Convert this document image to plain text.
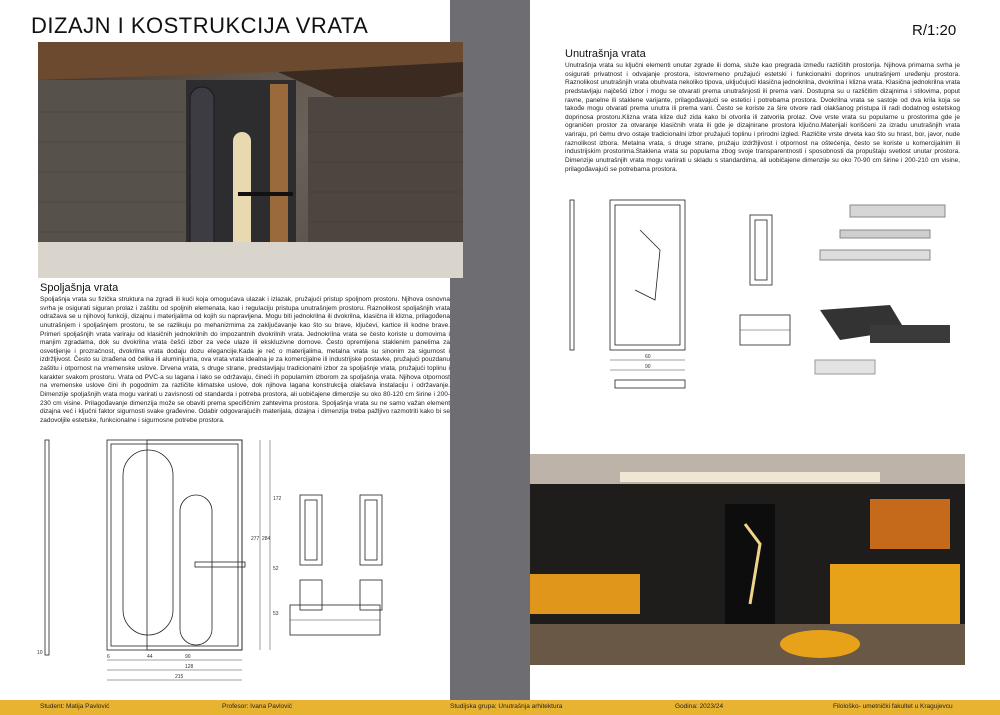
DIZAJN I KOSTRUKCIJA VRATA	R/1:20
Spoljašnja vrata
Spoljašnja vrata su fizička struktura na zgradi ili kući koja omogućava ulazak i izlazak, pružajući pristup spoljnom prostoru. Njihova osnovna svrha je osigurati siguran prolaz i zaštitu od spoljnih elemenata, kao i regulaciju pristupa unutrašnjem prostoru. Raznolikost spoljašnjih vrata odražava se u njihovoj funkciji, dizajnu i materijalima od kojih su napravljena. Mogu biti jednokrilna ili dvokrilna, klasična ili klizna, prilagođena unutrašnjem i spoljašnjem prostoru, te se razlikuju po mehanizmima za zaključavanje kao što su brave, ključevi, kartice ili kodne brave. Primeri spoljašnjih vrata variraju od klasičnih jednokrilnih do impozantnih dvokrilnih vrata. Jednokrilna vrata se često koriste u domovima i manjim zgradama, dok su dvokrilna vrata češći izbor za veće ulaze ili ekskluzivne domove. Često opremljena staklenim panelima za osvetljenje i prozračnost, dvokrilna vrata dodaju dozu elegancije.Kada je reč o materijalima, metalna vrata su sinonim za sigurnost i izdržljivost. Često su izrađena od čelika ili aluminijuma, ova vrata vrata idealna je za komercijalne ili industrijske postavke, pružajući pouzdanu zaštitu i otpornost na vremenske uslove. Drvena vrata, s druge strane, predstavljaju tradicionalni izbor za spoljašnje vrata, pružajući toplinu i karakter svakom prostoru. Vrata od PVC-a su lagana i lako se održavaju, čineći ih popularnim izborom za spoljašnja vrata. Njihova otpornost na vremenske uslove čini ih pogodnim za različite klimatske uslove, dok njihova lagana konstrukcija olakšava instalaciju i održavanje. Dimenzije spoljašnjih vrata mogu varirati u zavisnosti od standarda i potreba prostora, ali uobičajene dimenzije su oko 80-120 cm širine i 200-230 cm visine. Prilagođavanje dimenzija može se obaviti prema specifičnim zahtevima prostora. Spoljašnja vrata su ne samo važan element dizajna već i ključni faktor sigurnosti svake građevine. Odabir odgovarajućih materijala, dizajna i dimenzija treba pažljivo razmotriti kako bi se zadovoljile estetske, funkcionalne i sigurnosne potrebe prostora.
172
52
53
284
277
10
6	44	90
128
215
Unutrašnja vrata
Unutrašnja vrata su ključni elementi unutar zgrade ili doma, služe kao pregrada između različitih prostorija. Njihova primarna svrha je osigurati privatnost i odvajanje prostora, istovremeno pružajući estetski i funkcionalni doprinos unutrašnjem uređenju prostora. Raznolikost unutrašnjih vrata obuhvata nekoliko tipova, uključujući klasična jednokrilna, dvokrilna i klizna vrata. Klasična jednokrilna vrata predstavljaju najčešći izbor i mogu se otvarati prema unutrašnjosti ili prema vani. Dostupna su u različitim dizajnima i stilovima, poput ravne, panelne ili staklene varijante, prilagođavajući se estetici i potrebama prostora. Dvokrilna vrata se sastoje od dva krila koja se takođe mogu otvarati prema unutra ili prema vani. Često se koriste za šire otvore radi olakšanog pristupa ili radi dodatnog estetskog doprinosa prostoru.Klizna vrata klize duž zida kako bi otvorila ili zatvorila prolaz. Ove vrste vrata su popularne u prostorima gde je ograničen prostor za otvaranje klasičnih vrata ili gde je dizajnirane prostora ključno.Materijali korišćeni za izradu unutrašnjih vrata variraju, pri čemu drvo ostaje tradicionalni izbor pružajući toplinu i prirodni izgled. Različite vrste drveta kao što su hrast, bor, javor, nude raznolikost izbora. Metalna vrata, s druge strane, pružaju izdržljivost i otpornost na oštećenja, često se koriste u komercijalnim ili industrijskim prostorima.Staklena vrata su popularna zbog svoje transparentnosti i sposobnosti da propuštaju svetlost unutar prostora. Dimenzije unutrašnjih vrata mogu variirati u skladu s standardima, ali uobičajene dimenzije su oko 70-90 cm širine i 200-210 cm visine, prilagođavajući se potrebama prostora.
60
90
Student: Matija Pavlović	Profesor: Ivana Pavlović	Studijska grupa: Unutrašnja arhitektura	Godina: 2023/24	Filološko- umetnički fakultet u Kragujevcu
